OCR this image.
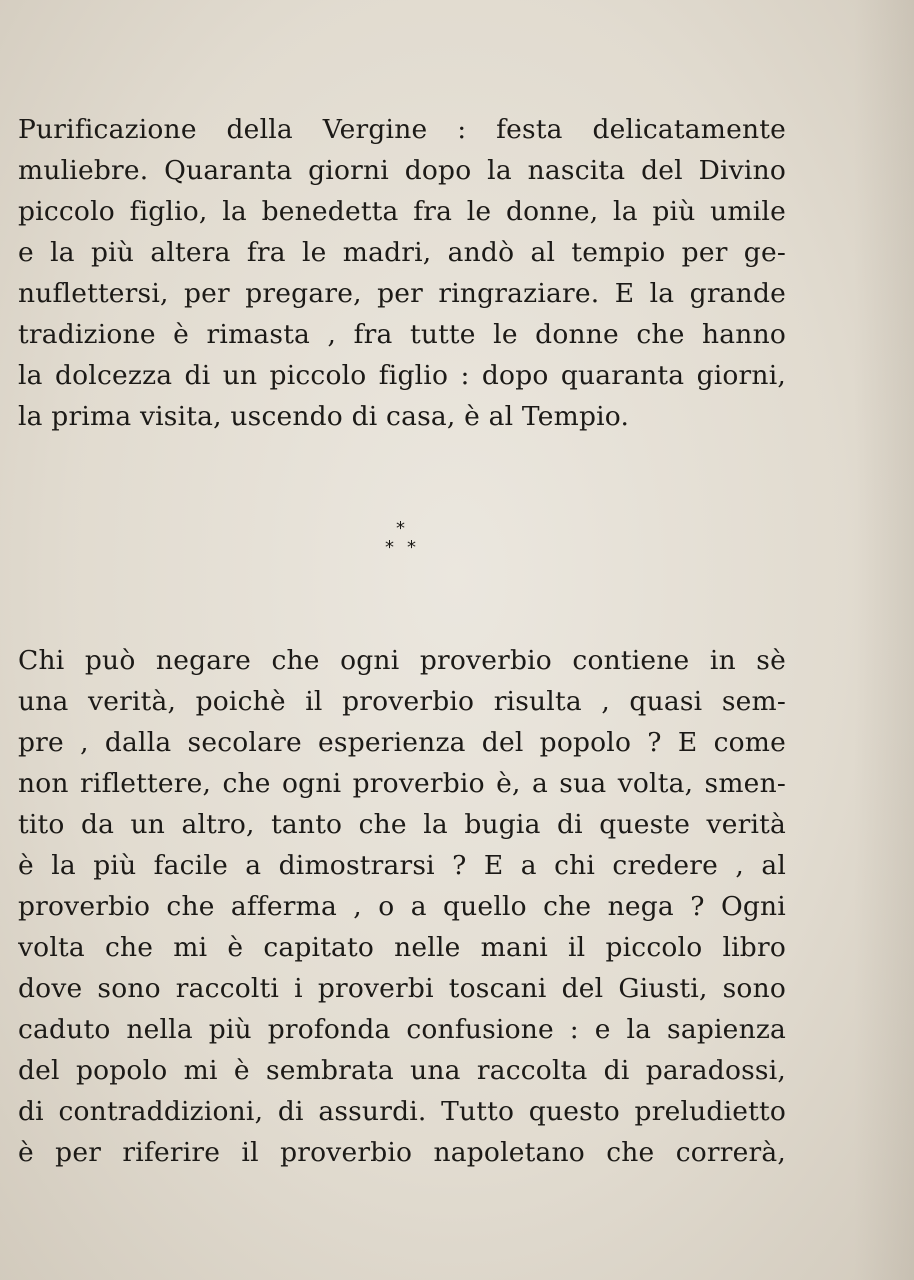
Purificazione della Vergine : festa delicatamente
muliebre. Quaranta giorni dopo la nascita del Divino
piccolo figlio, la benedetta fra le donne, la più umile
e la più altera fra le madri, andò al tempio per ge-
nuflettersi, per pregare, per ringraziare. E la grande
tradizione è rimasta , fra tutte le donne che hanno
la dolcezza di un piccolo figlio : dopo quaranta giorni,
la prima visita, uscendo di casa, è al Tempio.
*
* *
Chi può negare che ogni proverbio contiene in sè
una verità, poichè il proverbio risulta , quasi sem-
pre , dalla secolare esperienza del popolo ? E come
non riflettere, che ogni proverbio è, a sua volta, smen-
tito da un altro, tanto che la bugia di queste verità
è la più facile a dimostrarsi ? E a chi credere , al
proverbio che afferma , o a quello che nega ? Ogni
volta che mi è capitato nelle mani il piccolo libro
dove sono raccolti i proverbi toscani del Giusti, sono
caduto nella più profonda confusione : e la sapienza
del popolo mi è sembrata una raccolta di paradossi,
di contraddizioni, di assurdi. Tutto questo preludietto
è per riferire il proverbio napoletano che correrà,
